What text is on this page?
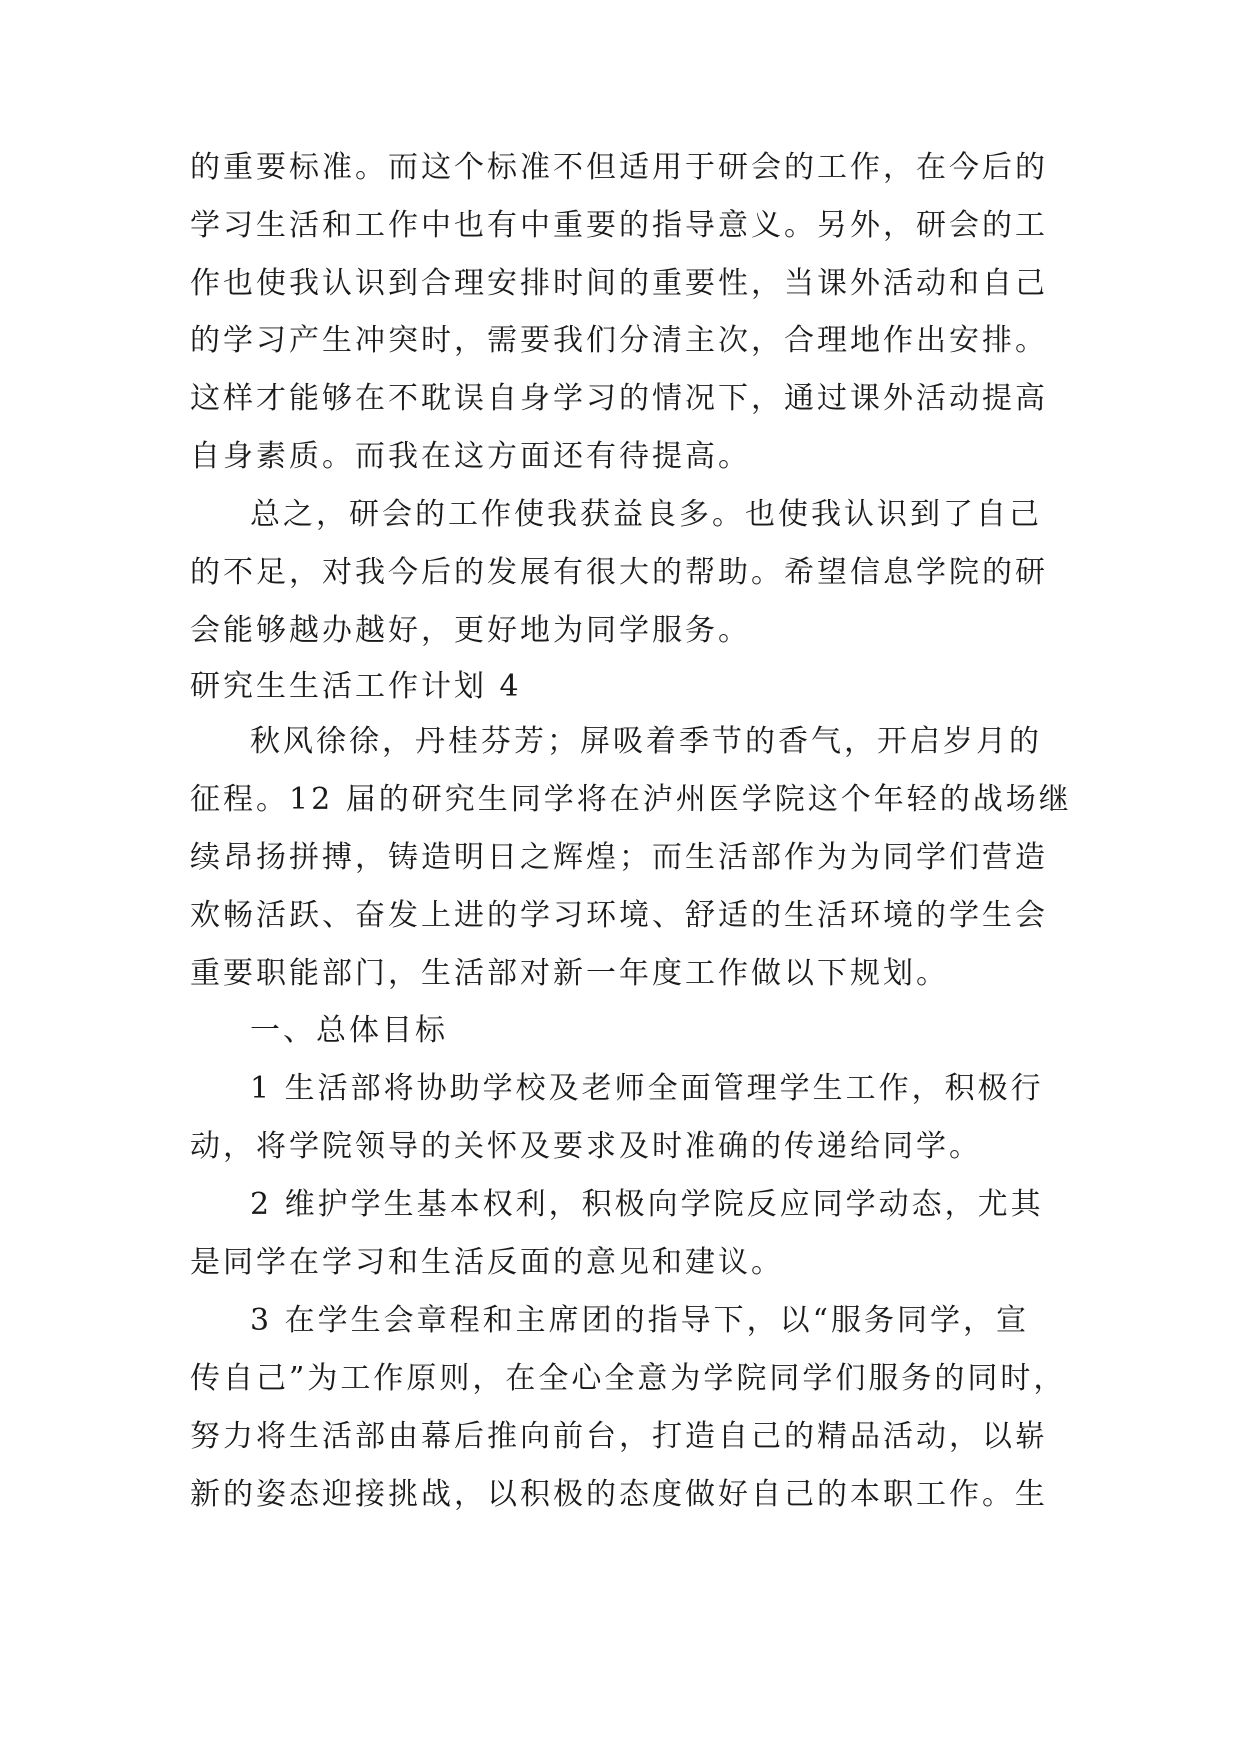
的重要标准。而这个标准不但适用于研会的工作，在今后的

学习生活和工作中也有中重要的指导意义。另外，研会的工

作也使我认识到合理安排时间的重要性，当课外活动和自己

的学习产生冲突时，需要我们分清主次，合理地作出安排。

这样才能够在不耽误自身学习的情况下，通过课外活动提高

自身素质。而我在这方面还有待提高。

总之，研会的工作使我获益良多。也使我认识到了自己

的不足，对我今后的发展有很大的帮助。希望信息学院的研

会能够越办越好，更好地为同学服务。

研究生生活工作计划 4

秋风徐徐，丹桂芬芳；屏吸着季节的香气，开启岁月的

征程。12 届的研究生同学将在泸州医学院这个年轻的战场继

续昂扬拼搏，铸造明日之辉煌；而生活部作为为同学们营造

欢畅活跃、奋发上进的学习环境、舒适的生活环境的学生会

重要职能部门，生活部对新一年度工作做以下规划。

一、总体目标

1 生活部将协助学校及老师全面管理学生工作，积极行

动，将学院领导的关怀及要求及时准确的传递给同学。

2 维护学生基本权利，积极向学院反应同学动态，尤其

是同学在学习和生活反面的意见和建议。

3 在学生会章程和主席团的指导下，以“服务同学，宣

传自己”为工作原则，在全心全意为学院同学们服务的同时，

努力将生活部由幕后推向前台，打造自己的精品活动，以崭

新的姿态迎接挑战，以积极的态度做好自己的本职工作。生
